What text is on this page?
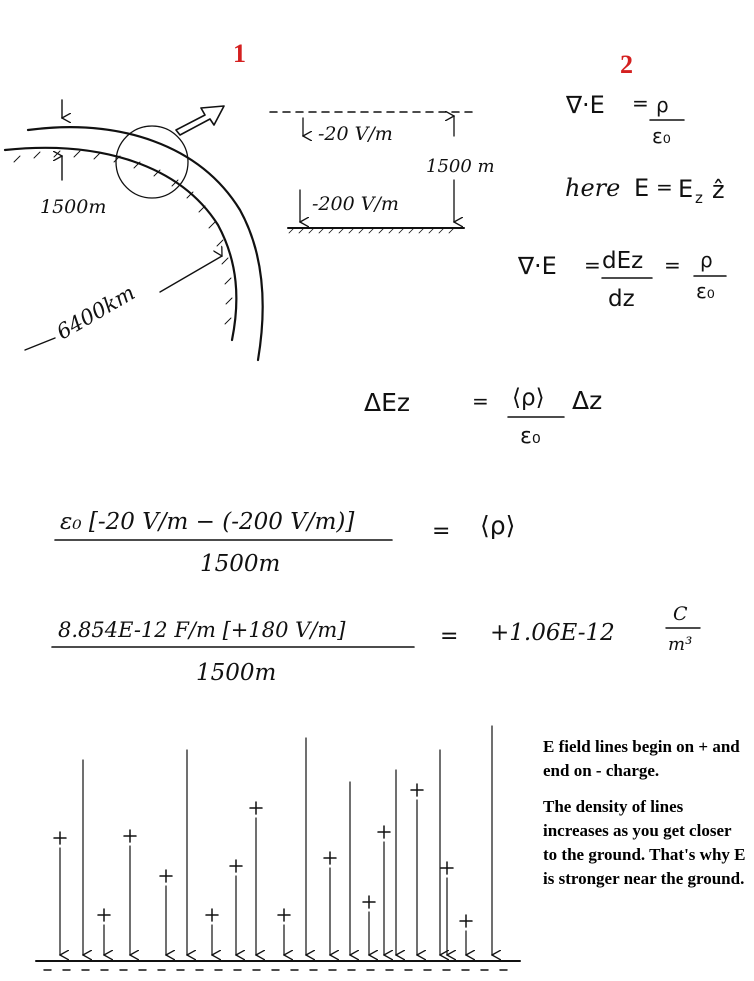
1	2
1500m
6400km
-20 V/m
1500 m
-200 V/m
∇·E = ρ
ε₀
here E = E z ẑ
∇·E = dEz
dz
= ρ
ε₀
ΔEz	= ⟨ρ⟩
ε₀
Δz
ε₀ [-20 V/m − (-200 V/m)]
1500m
= ⟨ρ⟩
8.854E-12 F/m [+180 V/m]
1500m
= +1.06E-12
C
m³

E field lines begin on + and end on - charge.

The density of lines increases as you get closer to the ground. That's why E is stronger near the ground.
